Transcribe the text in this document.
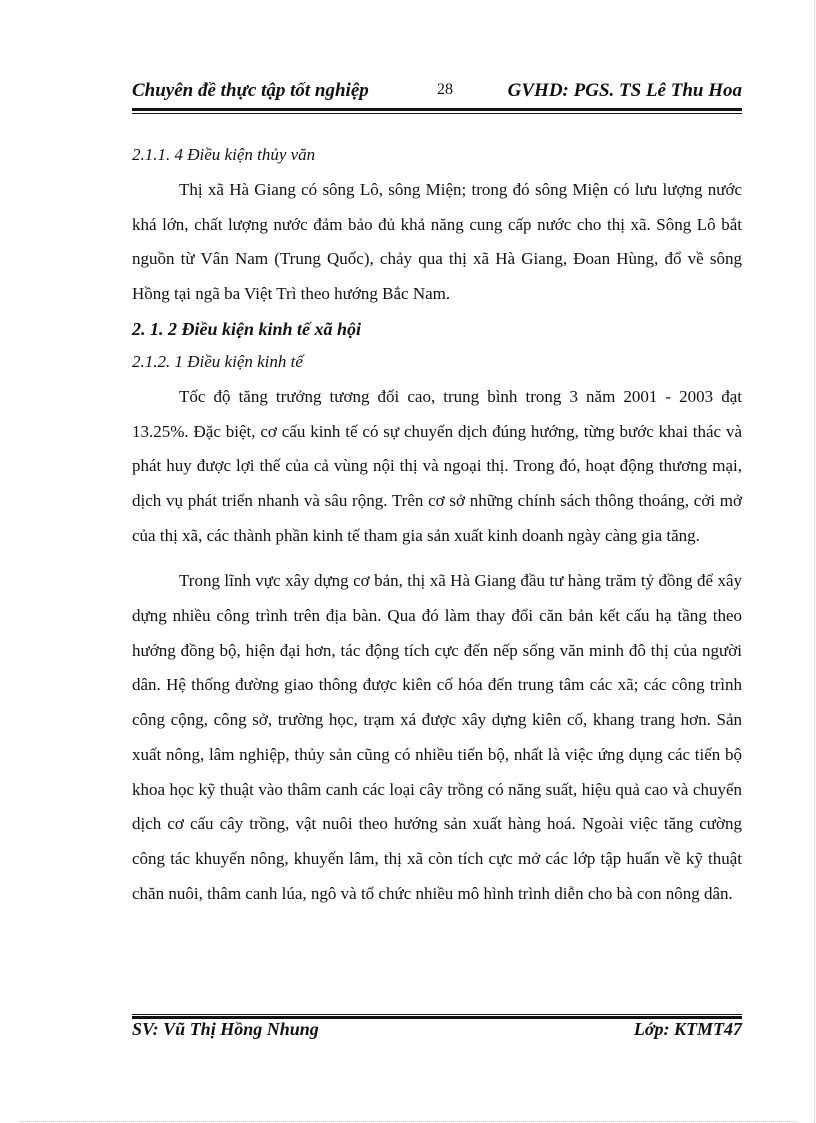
Chuyên đề thực tập tốt nghiệp	28	GVHD: PGS. TS Lê Thu Hoa

2.1.1. 4 Điều kiện thủy văn

Thị xã Hà Giang có sông Lô, sông Miện; trong đó sông Miện có lưu lượng nước khá lớn, chất lượng nước đảm bảo đủ khả năng cung cấp nước cho thị xã. Sông Lô bắt nguồn từ Vân Nam (Trung Quốc), chảy qua thị xã Hà Giang, Đoan Hùng, đổ về sông Hồng tại ngã ba Việt Trì theo hướng Bắc Nam.

2. 1. 2 Điều kiện kinh tế xã hội

2.1.2. 1 Điều kiện kinh tế

Tốc độ tăng trưởng tương đối cao, trung bình trong 3 năm 2001 - 2003 đạt 13.25%. Đặc biệt, cơ cấu kinh tế có sự chuyển dịch đúng hướng, từng bước khai thác và phát huy được lợi thế của cả vùng nội thị và ngoại thị. Trong đó, hoạt động thương mại, dịch vụ phát triển nhanh và sâu rộng. Trên cơ sở những chính sách thông thoáng, cởi mở của thị xã, các thành phần kinh tế tham gia sản xuất kinh doanh ngày càng gia tăng.

Trong lĩnh vực xây dựng cơ bản, thị xã Hà Giang đầu tư hàng trăm tỷ đồng để xây dựng nhiều công trình trên địa bàn. Qua đó làm thay đổi căn bản kết cấu hạ tầng theo hướng đồng bộ, hiện đại hơn, tác động tích cực đến nếp sống văn minh đô thị của người dân. Hệ thống đường giao thông được kiên cố hóa đến trung tâm các xã; các công trình công cộng, công sở, trường học, trạm xá được xây dựng kiên cố, khang trang hơn. Sản xuất nông, lâm nghiệp, thủy sản cũng có nhiều tiến bộ, nhất là việc ứng dụng các tiến bộ khoa học kỹ thuật vào thâm canh các loại cây trồng có năng suất, hiệu quả cao và chuyển dịch cơ cấu cây trồng, vật nuôi theo hướng sản xuất hàng hoá. Ngoài việc tăng cường công tác khuyến nông, khuyến lâm, thị xã còn tích cực mở các lớp tập huấn về kỹ thuật chăn nuôi, thâm canh lúa, ngô và tổ chức nhiều mô hình trình diễn cho bà con nông dân.

SV: Vũ Thị Hồng Nhung	Lớp: KTMT47
